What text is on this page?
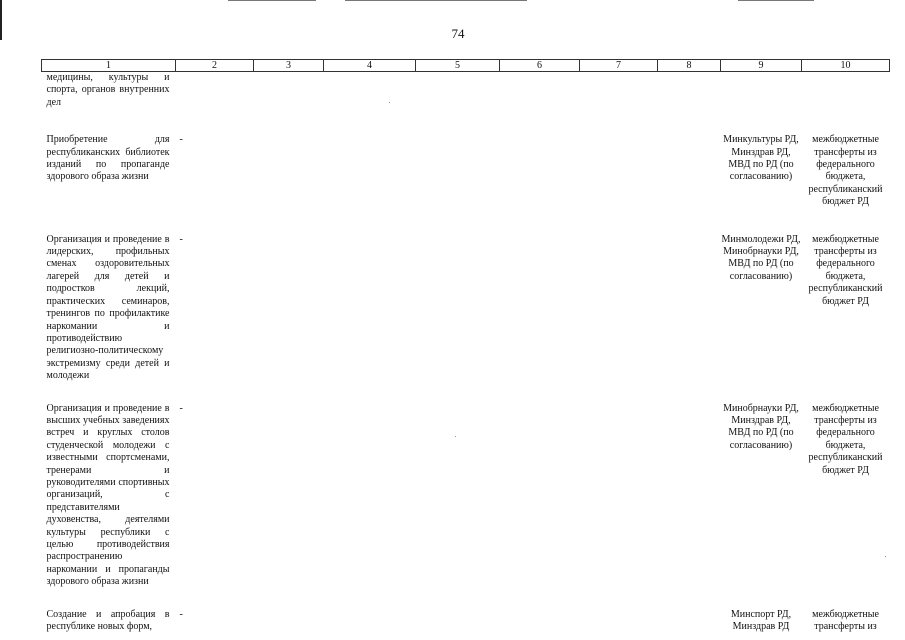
74
1	2	3	4	5	6	7	8	9	10
медицины, культуры и спорта, органов внутренних дел									

Приобретение для республиканских библиотек изданий по пропаганде здорового образа жизни	-							Минкультуры РД, Минздрав РД, МВД по РД (по согласованию)	межбюджетные трансферты из федерального бюджета, республиканский бюджет РД

Организация и проведение в лидерских, профильных сменах оздоровительных лагерей для детей и подростков лекций, практических семинаров, тренингов по профилактике наркомании и противодействию религиозно-политическому экстремизму среди детей и молодежи	-							Минмолодежи РД, Минобрнауки РД, МВД по РД (по согласованию)	межбюджетные трансферты из федерального бюджета, республиканский бюджет РД

Организация и проведение в высших учебных заведениях встреч и круглых столов студенческой молодежи с известными спортсменами, тренерами и руководителями спортивных организаций, с представителями духовенства, деятелями культуры республики с целью противодействия распространению наркомании и пропаганды здорового образа жизни	-							Минобрнауки РД, Минздрав РД, МВД по РД (по согласованию)	межбюджетные трансферты из федерального бюджета, республиканский бюджет РД

Создание и апробация в республике новых форм,	-							Минспорт РД, Минздрав РД	межбюджетные трансферты из
